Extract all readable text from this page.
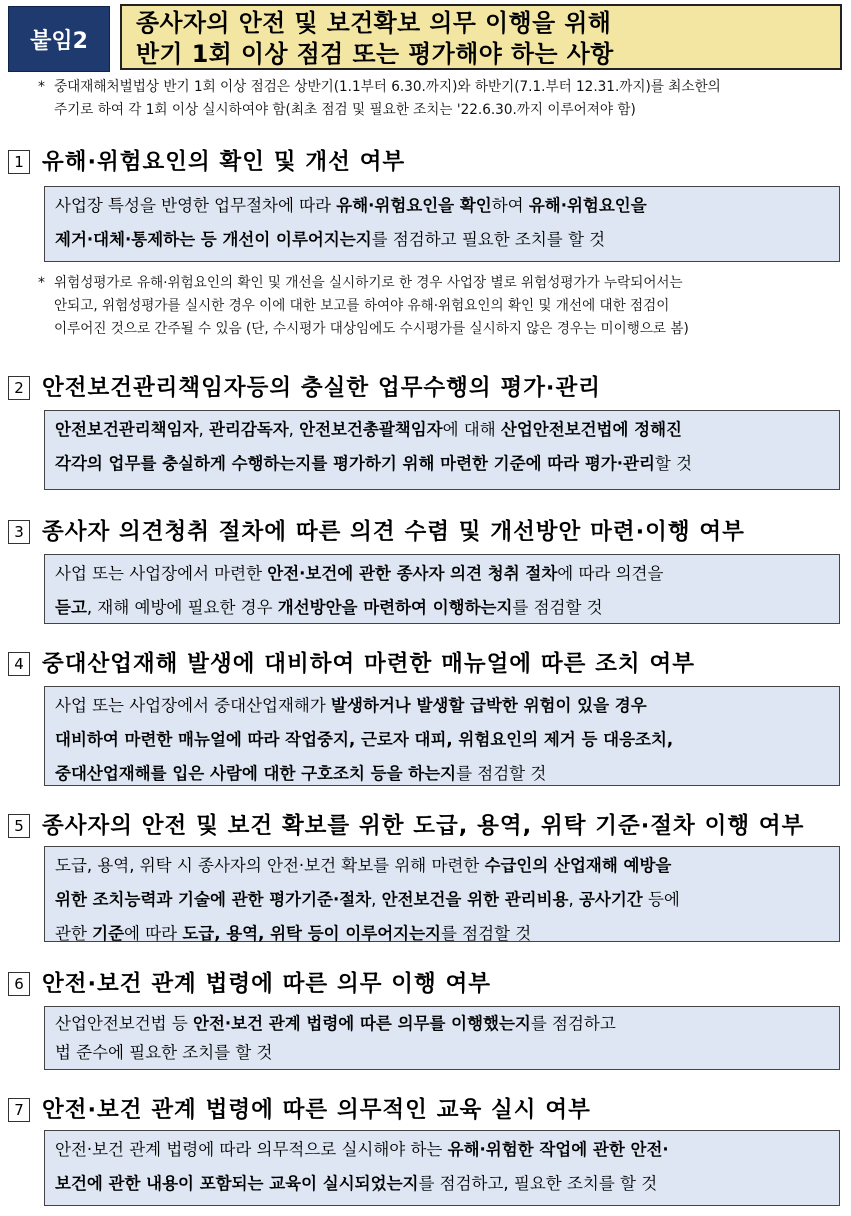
붙임2
종사자의 안전 및 보건확보 의무 이행을 위해
반기 1회 이상 점검 또는 평가해야 하는 사항
* 중대재해처벌법상 반기 1회 이상 점검은 상반기(1.1부터 6.30.까지)와 하반기(7.1.부터 12.31.까지)를 최소한의
주기로 하여 각 1회 이상 실시하여야 함(최초 점검 및 필요한 조치는 '22.6.30.까지 이루어져야 함)
1 유해·위험요인의 확인 및 개선 여부
사업장 특성을 반영한 업무절차에 따라 유해·위험요인을 확인하여 유해·위험요인을
제거·대체·통제하는 등 개선이 이루어지는지를 점검하고 필요한 조치를 할 것
* 위험성평가로 유해·위험요인의 확인 및 개선을 실시하기로 한 경우 사업장 별로 위험성평가가 누락되어서는
안되고, 위험성평가를 실시한 경우 이에 대한 보고를 하여야 유해·위험요인의 확인 및 개선에 대한 점검이
이루어진 것으로 간주될 수 있음 (단, 수시평가 대상임에도 수시평가를 실시하지 않은 경우는 미이행으로 봄)
2 안전보건관리책임자등의 충실한 업무수행의 평가·관리
안전보건관리책임자, 관리감독자, 안전보건총괄책임자에 대해 산업안전보건법에 정해진
각각의 업무를 충실하게 수행하는지를 평가하기 위해 마련한 기준에 따라 평가·관리할 것
3 종사자 의견청취 절차에 따른 의견 수렴 및 개선방안 마련·이행 여부
사업 또는 사업장에서 마련한 안전·보건에 관한 종사자 의견 청취 절차에 따라 의견을
듣고, 재해 예방에 필요한 경우 개선방안을 마련하여 이행하는지를 점검할 것
4 중대산업재해 발생에 대비하여 마련한 매뉴얼에 따른 조치 여부
사업 또는 사업장에서 중대산업재해가 발생하거나 발생할 급박한 위험이 있을 경우
대비하여 마련한 매뉴얼에 따라 작업중지, 근로자 대피, 위험요인의 제거 등 대응조치,
중대산업재해를 입은 사람에 대한 구호조치 등을 하는지를 점검할 것
5 종사자의 안전 및 보건 확보를 위한 도급, 용역, 위탁 기준·절차 이행 여부
도급, 용역, 위탁 시 종사자의 안전·보건 확보를 위해 마련한 수급인의 산업재해 예방을
위한 조치능력과 기술에 관한 평가기준·절차, 안전보건을 위한 관리비용, 공사기간 등에
관한 기준에 따라 도급, 용역, 위탁 등이 이루어지는지를 점검할 것
6 안전·보건 관계 법령에 따른 의무 이행 여부
산업안전보건법 등 안전·보건 관계 법령에 따른 의무를 이행했는지를 점검하고
법 준수에 필요한 조치를 할 것
7 안전·보건 관계 법령에 따른 의무적인 교육 실시 여부
안전·보건 관계 법령에 따라 의무적으로 실시해야 하는 유해·위험한 작업에 관한 안전·
보건에 관한 내용이 포함되는 교육이 실시되었는지를 점검하고, 필요한 조치를 할 것
